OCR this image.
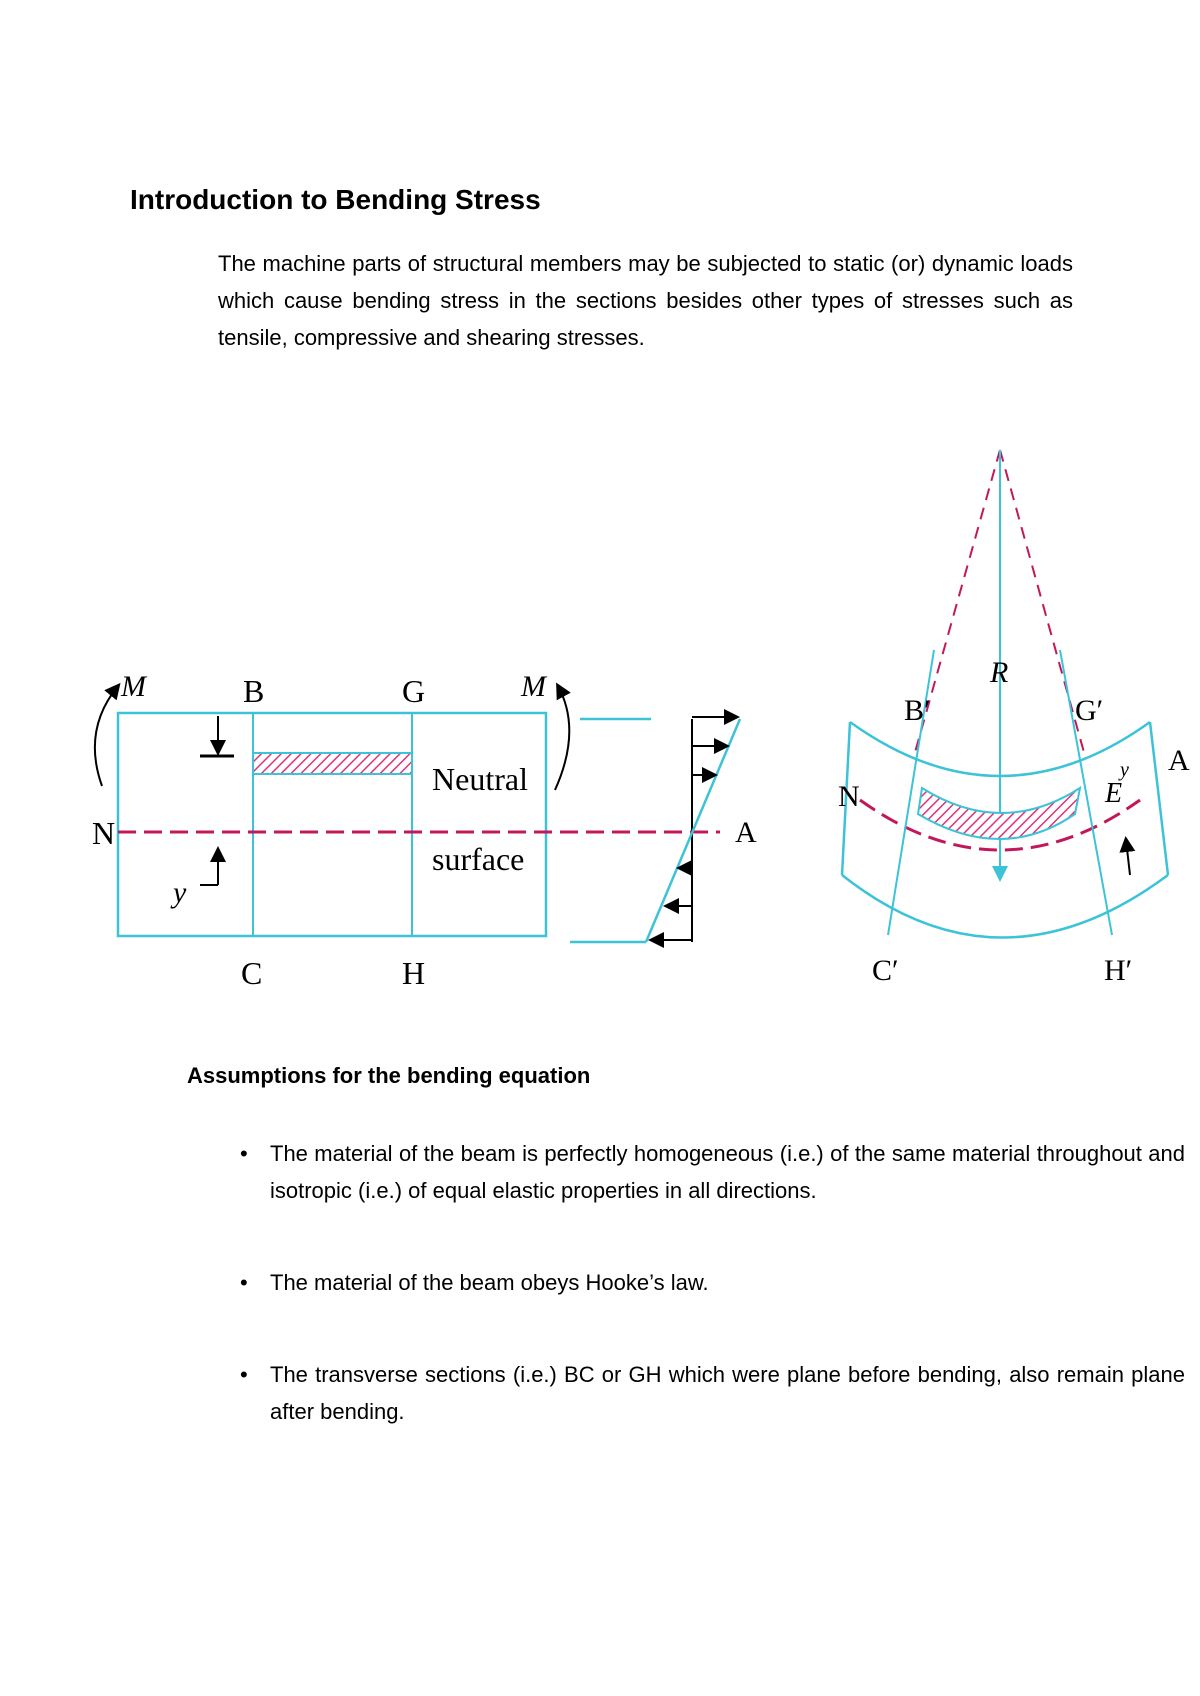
Introduction to Bending Stress
The machine parts of structural members may be subjected to static (or) dynamic loads which cause bending stress in the sections besides other types of stresses such as tensile, compressive and shearing stresses.
M	M
B	G
C	H
N	A
y
Neutral
surface
R
B′	G′
C′	H′
N
A
E
y
Assumptions for the bending equation
• The material of the beam is perfectly homogeneous (i.e.) of the same material throughout and isotropic (i.e.) of equal elastic properties in all directions.
• The material of the beam obeys Hooke’s law.
• The transverse sections (i.e.) BC or GH which were plane before bending, also remain plane after bending.
